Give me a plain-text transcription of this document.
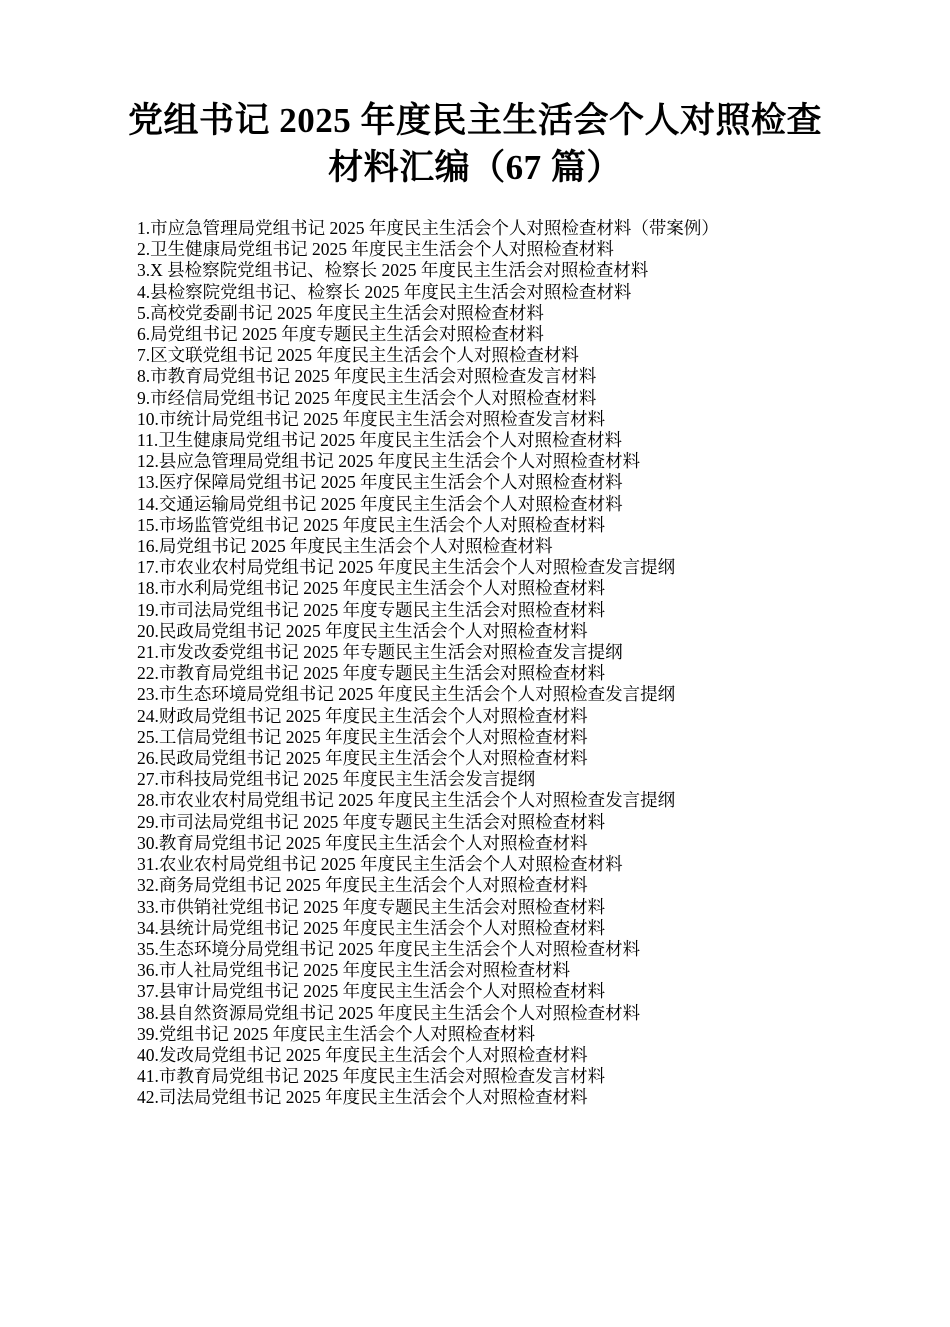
党组书记 2025 年度民主生活会个人对照检查
材料汇编（67 篇）
1.市应急管理局党组书记 2025 年度民主生活会个人对照检查材料（带案例）
2.卫生健康局党组书记 2025 年度民主生活会个人对照检查材料
3.X 县检察院党组书记、检察长 2025 年度民主生活会对照检查材料
4.县检察院党组书记、检察长 2025 年度民主生活会对照检查材料
5.高校党委副书记 2025 年度民主生活会对照检查材料
6.局党组书记 2025 年度专题民主生活会对照检查材料
7.区文联党组书记 2025 年度民主生活会个人对照检查材料
8.市教育局党组书记 2025 年度民主生活会对照检查发言材料
9.市经信局党组书记 2025 年度民主生活会个人对照检查材料
10.市统计局党组书记 2025 年度民主生活会对照检查发言材料
11.卫生健康局党组书记 2025 年度民主生活会个人对照检查材料
12.县应急管理局党组书记 2025 年度民主生活会个人对照检查材料
13.医疗保障局党组书记 2025 年度民主生活会个人对照检查材料
14.交通运输局党组书记 2025 年度民主生活会个人对照检查材料
15.市场监管党组书记 2025 年度民主生活会个人对照检查材料
16.局党组书记 2025 年度民主生活会个人对照检查材料
17.市农业农村局党组书记 2025 年度民主生活会个人对照检查发言提纲
18.市水利局党组书记 2025 年度民主生活会个人对照检查材料
19.市司法局党组书记 2025 年度专题民主生活会对照检查材料
20.民政局党组书记 2025 年度民主生活会个人对照检查材料
21.市发改委党组书记 2025 年专题民主生活会对照检查发言提纲
22.市教育局党组书记 2025 年度专题民主生活会对照检查材料
23.市生态环境局党组书记 2025 年度民主生活会个人对照检查发言提纲
24.财政局党组书记 2025 年度民主生活会个人对照检查材料
25.工信局党组书记 2025 年度民主生活会个人对照检查材料
26.民政局党组书记 2025 年度民主生活会个人对照检查材料
27.市科技局党组书记 2025 年度民主生活会发言提纲
28.市农业农村局党组书记 2025 年度民主生活会个人对照检查发言提纲
29.市司法局党组书记 2025 年度专题民主生活会对照检查材料
30.教育局党组书记 2025 年度民主生活会个人对照检查材料
31.农业农村局党组书记 2025 年度民主生活会个人对照检查材料
32.商务局党组书记 2025 年度民主生活会个人对照检查材料
33.市供销社党组书记 2025 年度专题民主生活会对照检查材料
34.县统计局党组书记 2025 年度民主生活会个人对照检查材料
35.生态环境分局党组书记 2025 年度民主生活会个人对照检查材料
36.市人社局党组书记 2025 年度民主生活会对照检查材料
37.县审计局党组书记 2025 年度民主生活会个人对照检查材料
38.县自然资源局党组书记 2025 年度民主生活会个人对照检查材料
39.党组书记 2025 年度民主生活会个人对照检查材料
40.发改局党组书记 2025 年度民主生活会个人对照检查材料
41.市教育局党组书记 2025 年度民主生活会对照检查发言材料
42.司法局党组书记 2025 年度民主生活会个人对照检查材料
